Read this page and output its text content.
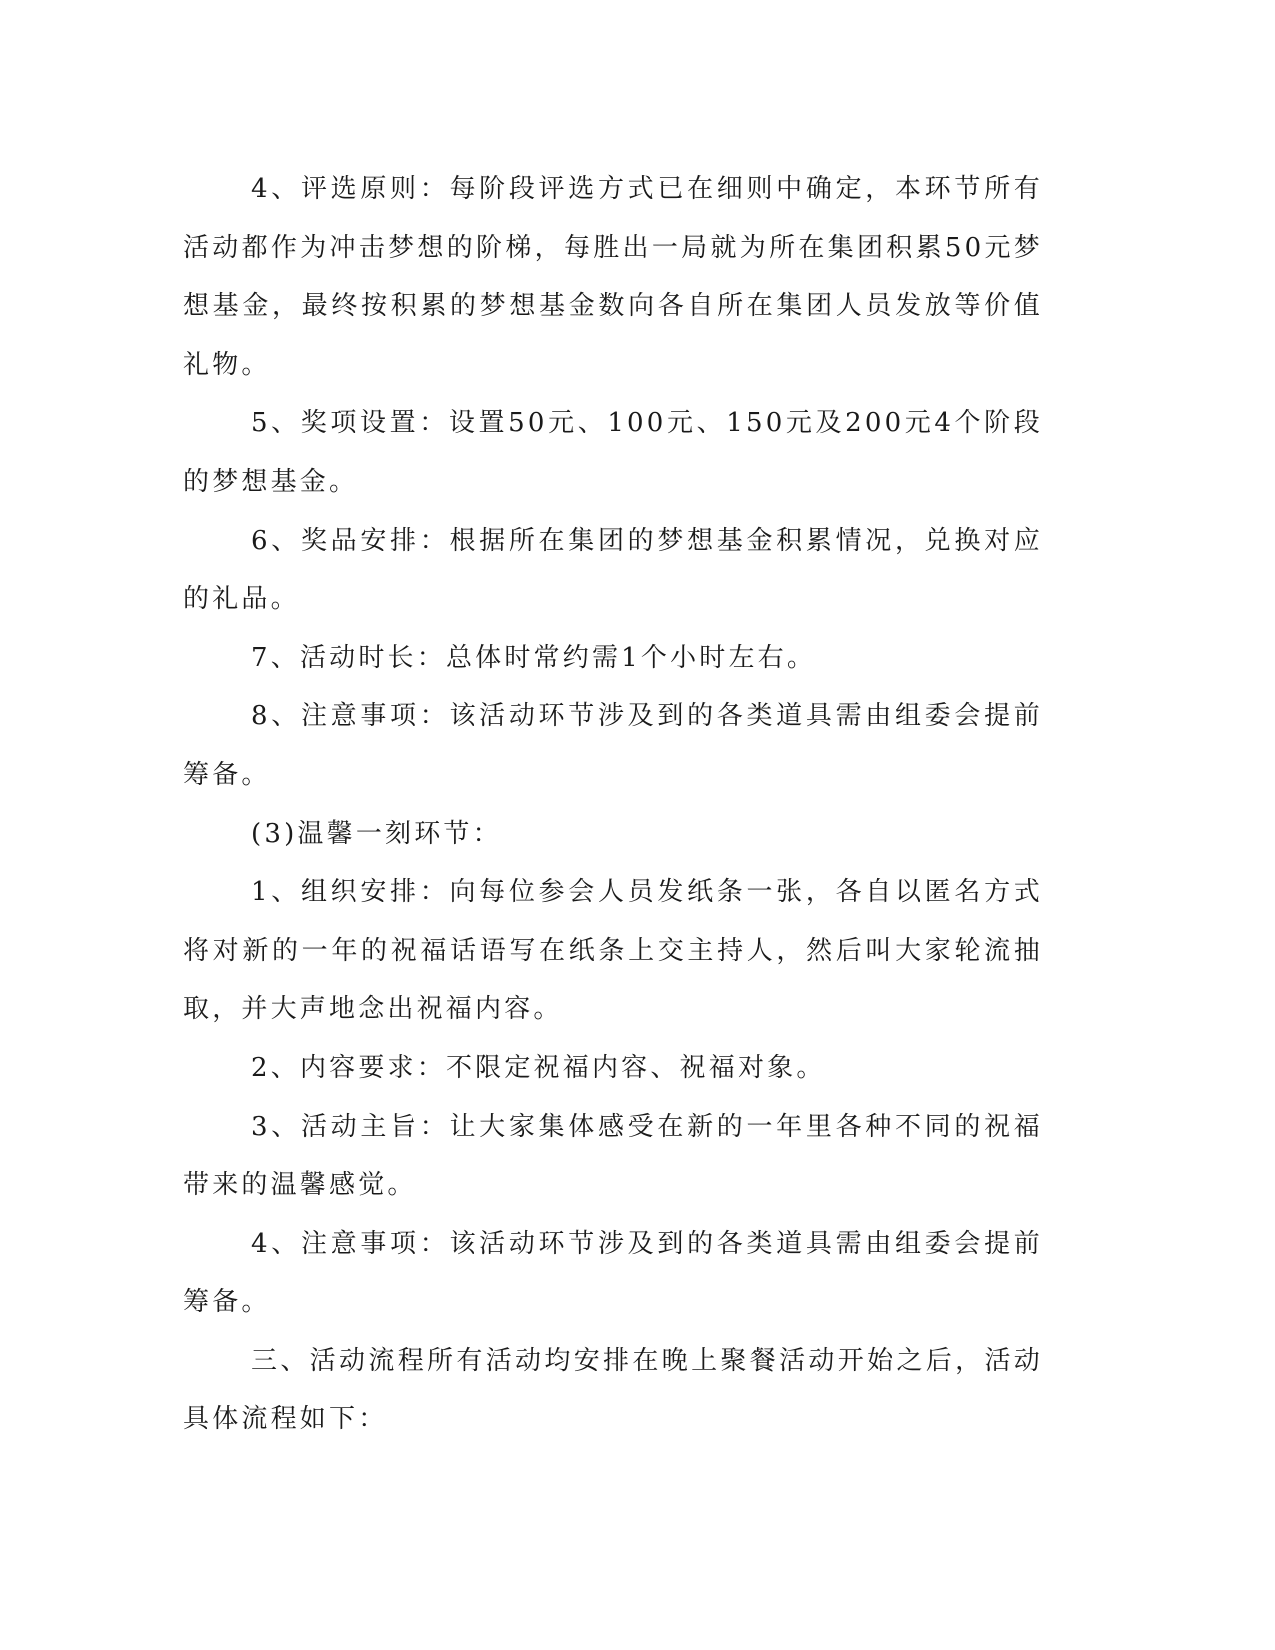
4、评选原则：每阶段评选方式已在细则中确定，本环节所有活动都作为冲击梦想的阶梯，每胜出一局就为所在集团积累50元梦想基金，最终按积累的梦想基金数向各自所在集团人员发放等价值礼物。

5、奖项设置：设置50元、100元、150元及200元4个阶段的梦想基金。

6、奖品安排：根据所在集团的梦想基金积累情况，兑换对应的礼品。

7、活动时长：总体时常约需1个小时左右。

8、注意事项：该活动环节涉及到的各类道具需由组委会提前筹备。

(3)温馨一刻环节：

1、组织安排：向每位参会人员发纸条一张，各自以匿名方式将对新的一年的祝福话语写在纸条上交主持人，然后叫大家轮流抽取，并大声地念出祝福内容。

2、内容要求：不限定祝福内容、祝福对象。

3、活动主旨：让大家集体感受在新的一年里各种不同的祝福带来的温馨感觉。

4、注意事项：该活动环节涉及到的各类道具需由组委会提前筹备。

三、活动流程所有活动均安排在晚上聚餐活动开始之后，活动具体流程如下：
